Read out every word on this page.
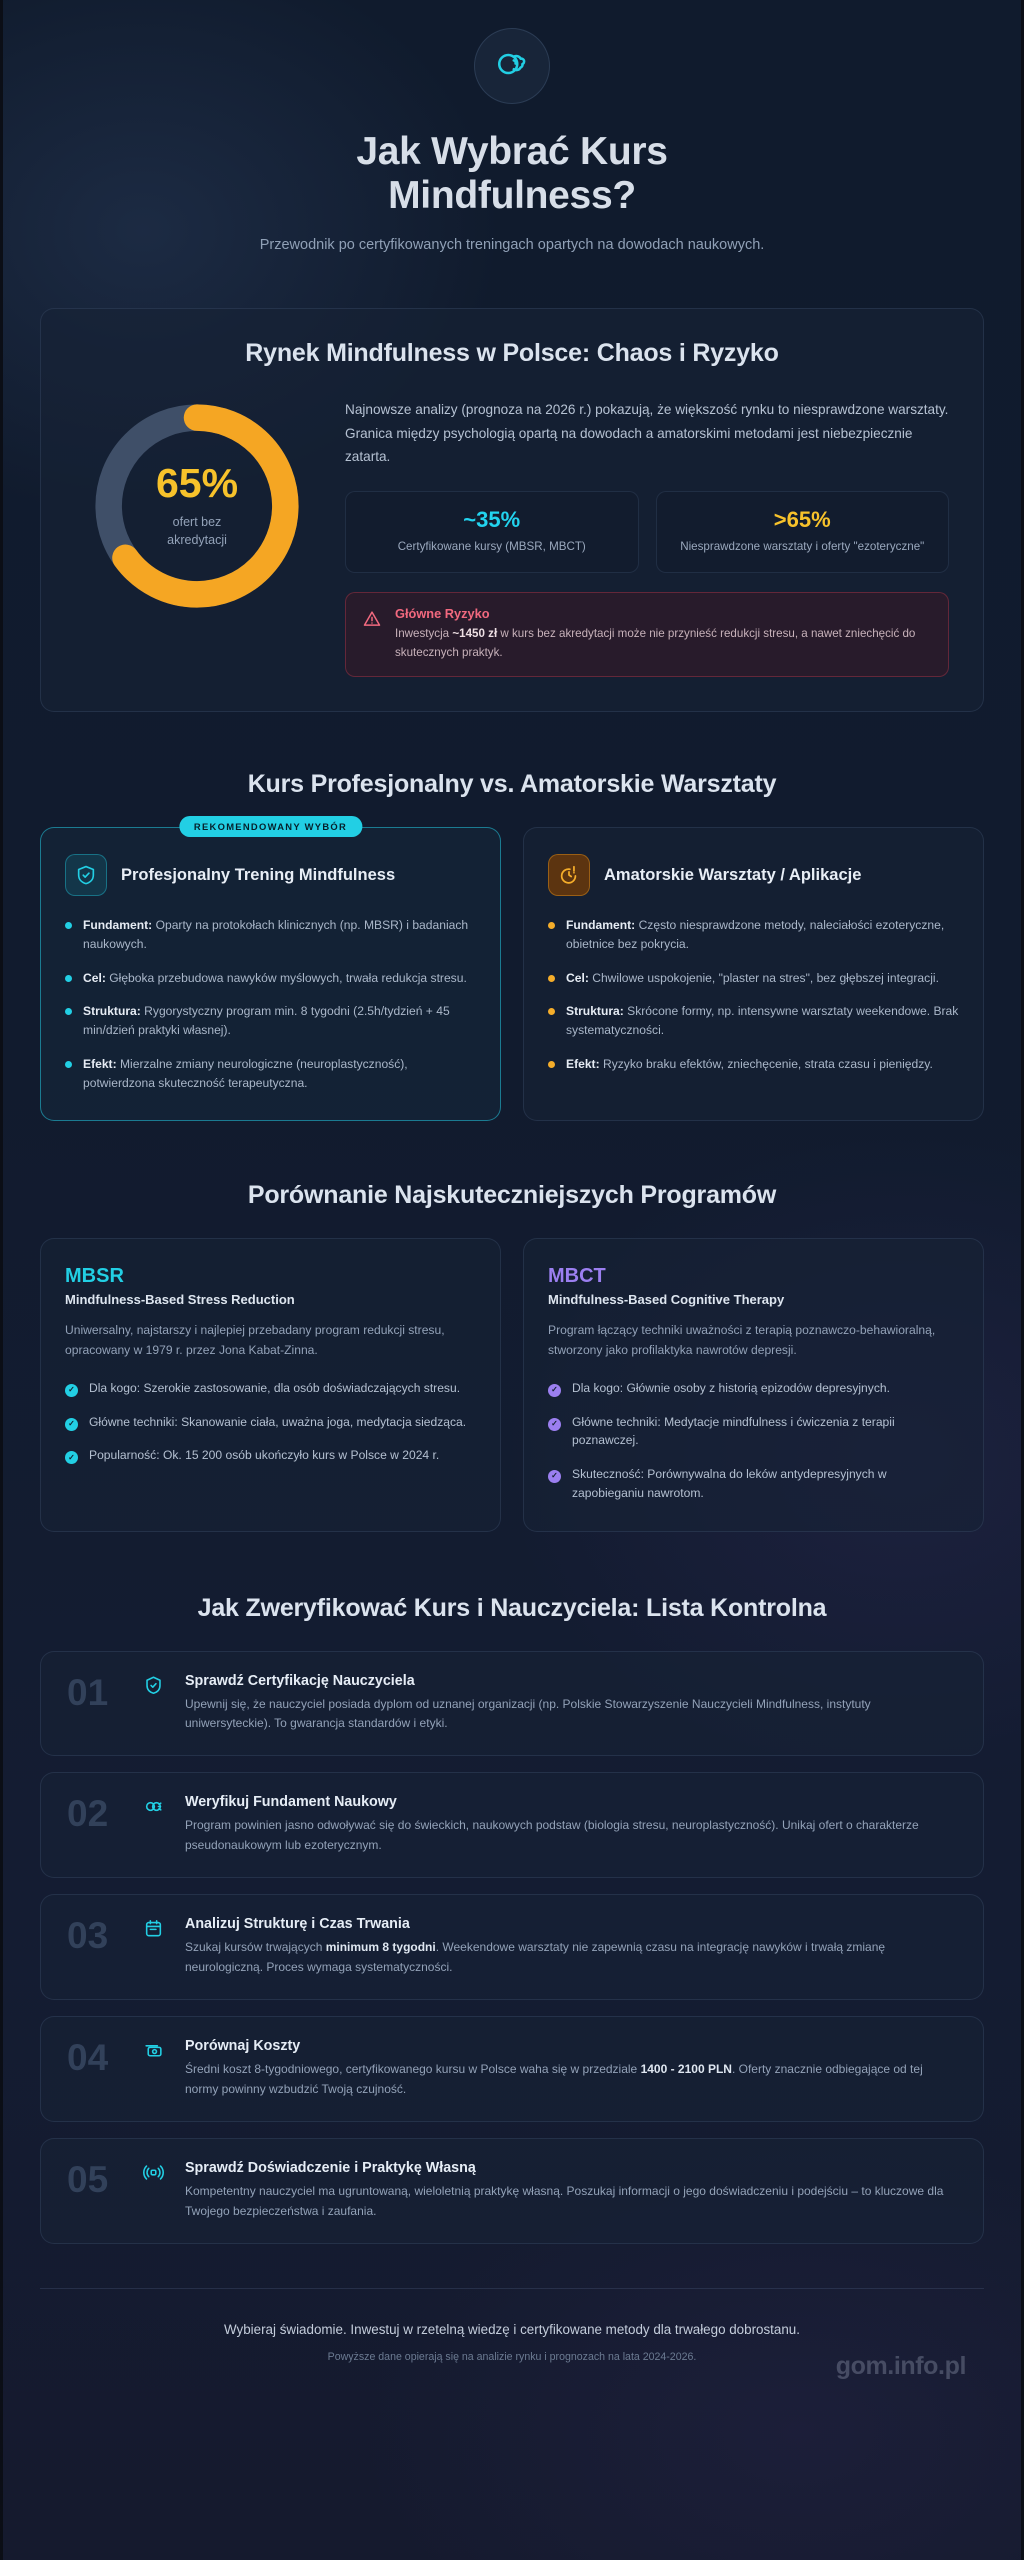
Jak Wybrać Kurs Mindfulness?

Przewodnik po certyfikowanych treningach opartych na dowodach naukowych.

Rynek Mindfulness w Polsce: Chaos i Ryzyko
65%
ofert bez akredytacji

Najnowsze analizy (prognoza na 2026 r.) pokazują, że większość rynku to niesprawdzone warsztaty. Granica między psychologią opartą na dowodach a amatorskimi metodami jest niebezpiecznie zatarta.

~35%
Certyfikowane kursy (MBSR, MBCT)
>65%
Niesprawdzone warsztaty i oferty "ezoteryczne"
Główne Ryzyko
Inwestycja ~1450 zł w kurs bez akredytacji może nie przynieść redukcji stresu, a nawet zniechęcić do skutecznych praktyk.
Kurs Profesjonalny vs. Amatorskie Warsztaty
REKOMENDOWANY WYBÓR
Profesjonalny Trening Mindfulness
Fundament: Oparty na protokołach klinicznych (np. MBSR) i badaniach naukowych.
Cel: Głęboka przebudowa nawyków myślowych, trwała redukcja stresu.
Struktura: Rygorystyczny program min. 8 tygodni (2.5h/tydzień + 45 min/dzień praktyki własnej).
Efekt: Mierzalne zmiany neurologiczne (neuroplastyczność), potwierdzona skuteczność terapeutyczna.
Amatorskie Warsztaty / Aplikacje
Fundament: Często niesprawdzone metody, naleciałości ezoteryczne, obietnice bez pokrycia.
Cel: Chwilowe uspokojenie, "plaster na stres", bez głębszej integracji.
Struktura: Skrócone formy, np. intensywne warsztaty weekendowe. Brak systematyczności.
Efekt: Ryzyko braku efektów, zniechęcenie, strata czasu i pieniędzy.
Porównanie Najskuteczniejszych Programów
MBSR
Mindfulness-Based Stress Reduction

Uniwersalny, najstarszy i najlepiej przebadany program redukcji stresu, opracowany w 1979 r. przez Jona Kabat-Zinna.

✓ Dla kogo: Szerokie zastosowanie, dla osób doświadczających stresu.
✓ Główne techniki: Skanowanie ciała, uważna joga, medytacja siedząca.
✓ Popularność: Ok. 15 200 osób ukończyło kurs w Polsce w 2024 r.
MBCT
Mindfulness-Based Cognitive Therapy

Program łączący techniki uważności z terapią poznawczo-behawioralną, stworzony jako profilaktyka nawrotów depresji.

✓ Dla kogo: Głównie osoby z historią epizodów depresyjnych.
✓ Główne techniki: Medytacje mindfulness i ćwiczenia z terapii poznawczej.
✓ Skuteczność: Porównywalna do leków antydepresyjnych w zapobieganiu nawrotom.
Jak Zweryfikować Kurs i Nauczyciela: Lista Kontrolna
01	Sprawdź Certyfikację Nauczyciela
Upewnij się, że nauczyciel posiada dyplom od uznanej organizacji (np. Polskie Stowarzyszenie Nauczycieli Mindfulness, instytuty uniwersyteckie). To gwarancja standardów i etyki.
02	Weryfikuj Fundament Naukowy
Program powinien jasno odwoływać się do świeckich, naukowych podstaw (biologia stresu, neuroplastyczność). Unikaj ofert o charakterze pseudonaukowym lub ezoterycznym.
03	Analizuj Strukturę i Czas Trwania
Szukaj kursów trwających minimum 8 tygodni. Weekendowe warsztaty nie zapewnią czasu na integrację nawyków i trwałą zmianę neurologiczną. Proces wymaga systematyczności.
04	Porównaj Koszty
Średni koszt 8-tygodniowego, certyfikowanego kursu w Polsce waha się w przedziale 1400 - 2100 PLN. Oferty znacznie odbiegające od tej normy powinny wzbudzić Twoją czujność.
05	Sprawdź Doświadczenie i Praktykę Własną
Kompetentny nauczyciel ma ugruntowaną, wieloletnią praktykę własną. Poszukaj informacji o jego doświadczeniu i podejściu – to kluczowe dla Twojego bezpieczeństwa i zaufania.
Wybieraj świadomie. Inwestuj w rzetelną wiedzę i certyfikowane metody dla trwałego dobrostanu.
Powyższe dane opierają się na analizie rynku i prognozach na lata 2024-2026.	gom.info.pl
